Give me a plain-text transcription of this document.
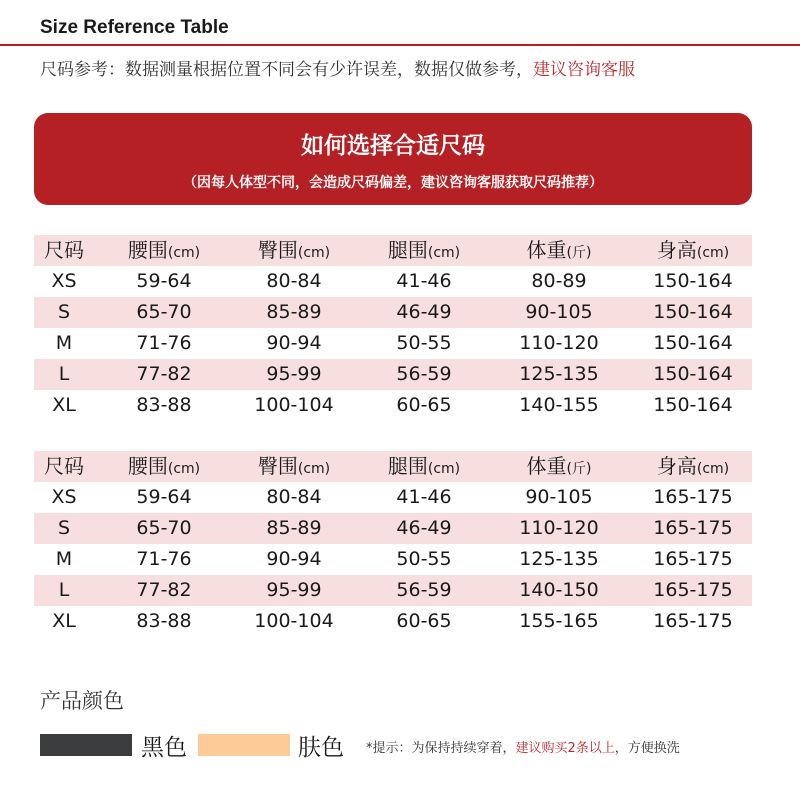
Size Reference Table
尺码参考：数据测量根据位置不同会有少许误差，数据仅做参考，建议咨询客服
如何选择合适尺码
（因每人体型不同，会造成尺码偏差，建议咨询客服获取尺码推荐）
尺码	腰围(cm)	臀围(cm)	腿围(cm)	体重(斤)	身高(cm)
XS	59-64	80-84	41-46	80-89	150-164
S	65-70	85-89	46-49	90-105	150-164
M	71-76	90-94	50-55	110-120	150-164
L	77-82	95-99	56-59	125-135	150-164
XL	83-88	100-104	60-65	140-155	150-164
尺码	腰围(cm)	臀围(cm)	腿围(cm)	体重(斤)	身高(cm)
XS	59-64	80-84	41-46	90-105	165-175
S	65-70	85-89	46-49	110-120	165-175
M	71-76	90-94	50-55	125-135	165-175
L	77-82	95-99	56-59	140-150	165-175
XL	83-88	100-104	60-65	155-165	165-175
产品颜色
黑色	肤色 *提示：为保持持续穿着，建议购买2条以上，方便换洗
